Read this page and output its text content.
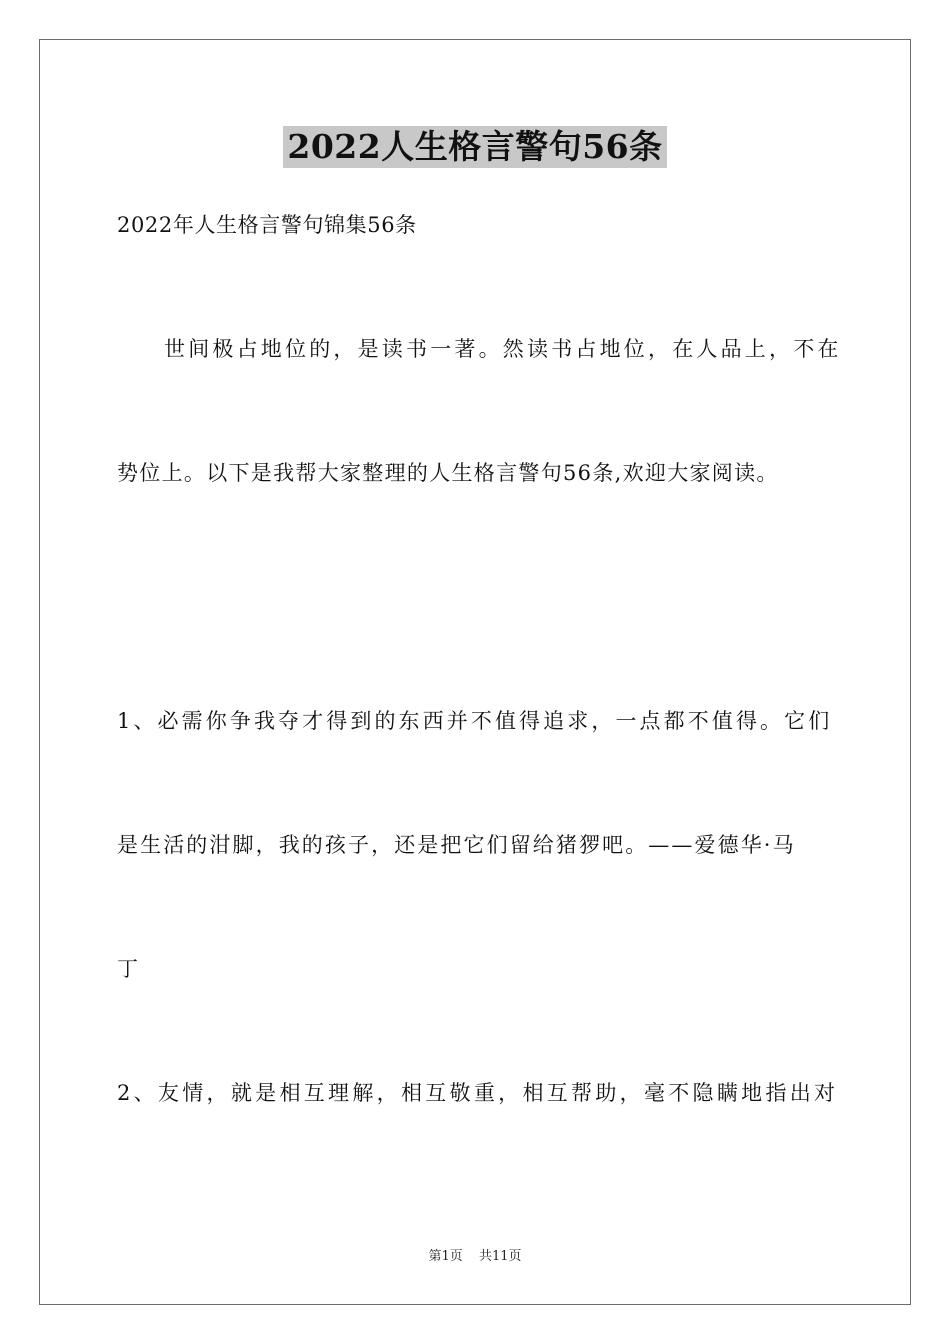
2022人生格言警句56条
2022年人生格言警句锦集56条
世间极占地位的，是读书一著。然读书占地位，在人品上，不在
势位上。以下是我帮大家整理的人生格言警句56条,欢迎大家阅读。
1、必需你争我夺才得到的东西并不值得追求，一点都不值得。它们
是生活的泔脚，我的孩子，还是把它们留给猪猡吧。——爱德华·马
丁
2、友情，就是相互理解，相互敬重，相互帮助，毫不隐瞒地指出对
第1页 共11页
